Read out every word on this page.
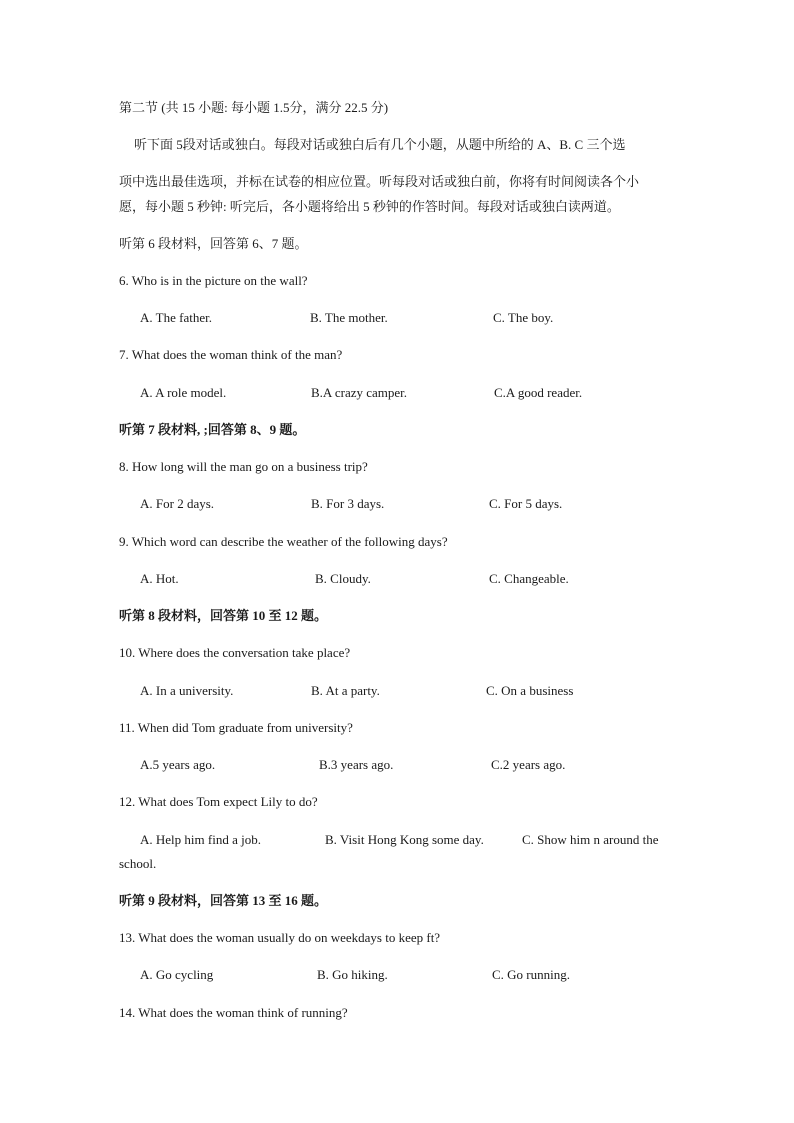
第二节 (共 15 小题: 每小题 1.5分，满分 22.5 分)
听下面 5段对话或独白。每段对话或独白后有几个小题，从题中所给的 A、B. C 三个选
项中选出最佳选项，并标在试卷的相应位置。听每段对话或独白前，你将有时间阅读各个小
愿，每小题 5 秒钟: 听完后，各小题将给出 5 秒钟的作答时间。每段对话或独白读两道。
听第 6 段材料，回答第 6、7 题。
6. Who is in the picture on the wall?
A. The father.	B. The mother.	C. The boy.
7. What does the woman think of the man?
A. A role model.	B.A crazy camper.	C.A good reader.
听第 7 段材料, ;回答第 8、9 题。
8. How long will the man go on a business trip?
A. For 2 days.	B. For 3 days.	C. For 5 days.
9. Which word can describe the weather of the following days?
A. Hot.	B. Cloudy.	C. Changeable.
听第 8 段材料，回答第 10 至 12 题。
10. Where does the conversation take place?
A. In a university.	B. At a party.	C. On a business
11. When did Tom graduate from university?
A.5 years ago.	B.3 years ago.	C.2 years ago.
12. What does Tom expect Lily to do?
A. Help him find a job.	B. Visit Hong Kong some day.	C. Show him n around the
school.
听第 9 段材料，回答第 13 至 16 题。
13. What does the woman usually do on weekdays to keep ft?
A. Go cycling	B. Go hiking.	C. Go running.
14. What does the woman think of running?
